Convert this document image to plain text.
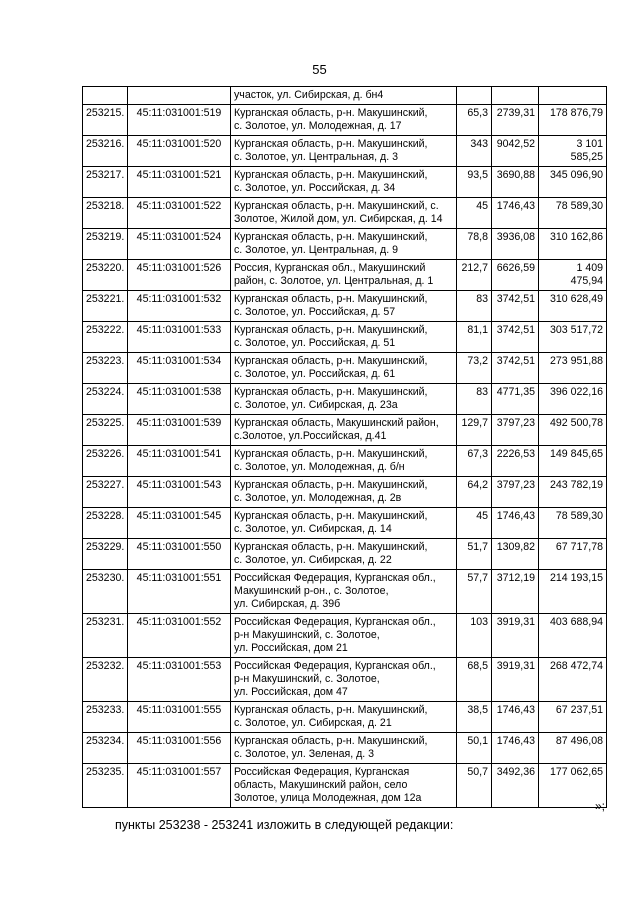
55
		участок, ул. Сибирская, д. бн4			
253215.	45:11:031001:519	Курганская область, р-н. Макушинский,
с. Золотое, ул. Молодежная, д. 17	65,3	2739,31	178 876,79
253216.	45:11:031001:520	Курганская область, р-н. Макушинский,
с. Золотое, ул. Центральная, д. 3	343	9042,52	3 101 585,25
253217.	45:11:031001:521	Курганская область, р-н. Макушинский,
с. Золотое, ул. Российская, д. 34	93,5	3690,88	345 096,90
253218.	45:11:031001:522	Курганская область, р-н. Макушинский, с.
Золотое, Жилой дом, ул. Сибирская, д. 14	45	1746,43	78 589,30
253219.	45:11:031001:524	Курганская область, р-н. Макушинский,
с. Золотое, ул. Центральная, д. 9	78,8	3936,08	310 162,86
253220.	45:11:031001:526	Россия, Курганская обл., Макушинский
район, с. Золотое, ул. Центральная, д. 1	212,7	6626,59	1 409 475,94
253221.	45:11:031001:532	Курганская область, р-н. Макушинский,
с. Золотое, ул. Российская, д. 57	83	3742,51	310 628,49
253222.	45:11:031001:533	Курганская область, р-н. Макушинский,
с. Золотое, ул. Российская, д. 51	81,1	3742,51	303 517,72
253223.	45:11:031001:534	Курганская область, р-н. Макушинский,
с. Золотое, ул. Российская, д. 61	73,2	3742,51	273 951,88
253224.	45:11:031001:538	Курганская область, р-н. Макушинский,
с. Золотое, ул. Сибирская, д. 23а	83	4771,35	396 022,16
253225.	45:11:031001:539	Курганская область, Макушинский район,
с.Золотое, ул.Российская, д.41	129,7	3797,23	492 500,78
253226.	45:11:031001:541	Курганская область, р-н. Макушинский,
с. Золотое, ул. Молодежная, д. б/н	67,3	2226,53	149 845,65
253227.	45:11:031001:543	Курганская область, р-н. Макушинский,
с. Золотое, ул. Молодежная, д. 2в	64,2	3797,23	243 782,19
253228.	45:11:031001:545	Курганская область, р-н. Макушинский,
с. Золотое, ул. Сибирская, д. 14	45	1746,43	78 589,30
253229.	45:11:031001:550	Курганская область, р-н. Макушинский,
с. Золотое, ул. Сибирская, д. 22	51,7	1309,82	67 717,78
253230.	45:11:031001:551	Российская Федерация, Курганская обл.,
Макушинский р-он., с. Золотое,
ул. Сибирская, д. 39б	57,7	3712,19	214 193,15
253231.	45:11:031001:552	Российская Федерация, Курганская обл.,
р-н Макушинский, с. Золотое,
ул. Российская, дом 21	103	3919,31	403 688,94
253232.	45:11:031001:553	Российская Федерация, Курганская обл.,
р-н Макушинский, с. Золотое,
ул. Российская, дом 47	68,5	3919,31	268 472,74
253233.	45:11:031001:555	Курганская область, р-н. Макушинский,
с. Золотое, ул. Сибирская, д. 21	38,5	1746,43	67 237,51
253234.	45:11:031001:556	Курганская область, р-н. Макушинский,
с. Золотое, ул. Зеленая, д. 3	50,1	1746,43	87 496,08
253235.	45:11:031001:557	Российская Федерация, Курганская
область, Макушинский район, село
Золотое, улица Молодежная, дом 12а	50,7	3492,36	177 062,65
»;
пункты 253238 - 253241 изложить в следующей редакции:
